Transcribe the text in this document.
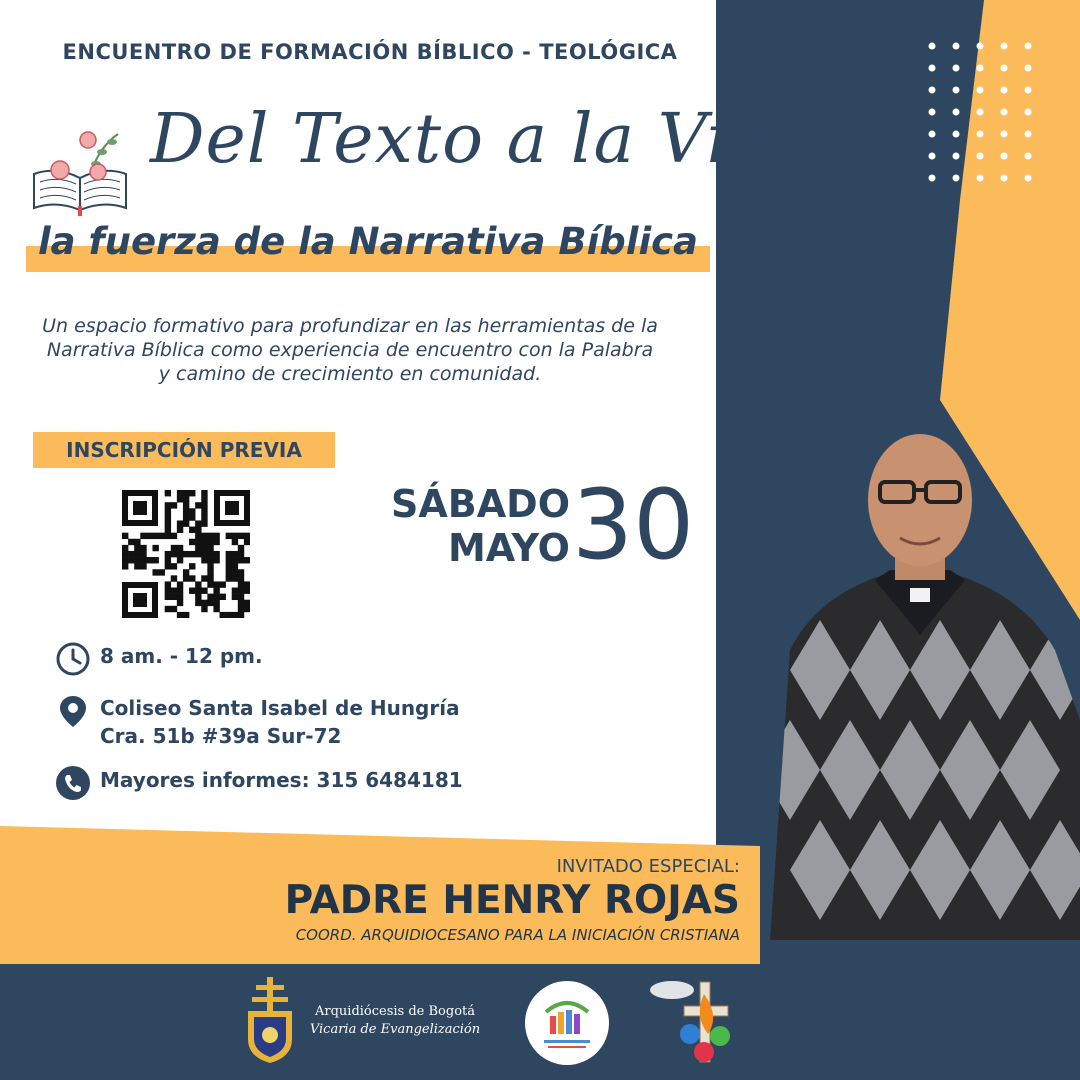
ENCUENTRO DE FORMACIÓN BÍBLICO - TEOLÓGICA
Del Texto a la Vida
la fuerza de la Narrativa Bíblica
Un espacio formativo para profundizar en las herramientas de la Narrativa Bíblica como experiencia de encuentro con la Palabra y camino de crecimiento en comunidad.
INSCRIPCIÓN PREVIA
SÁBADO
MAYO 30
8 am. - 12 pm.
Coliseo Santa Isabel de Hungría
Cra. 51b #39a Sur-72
Mayores informes: 315 6484181
INVITADO ESPECIAL:
PADRE HENRY ROJAS
COORD. ARQUIDIOCESANO PARA LA INICIACIÓN CRISTIANA
Arquidiócesis de Bogotá
Vicaria de Evangelización
